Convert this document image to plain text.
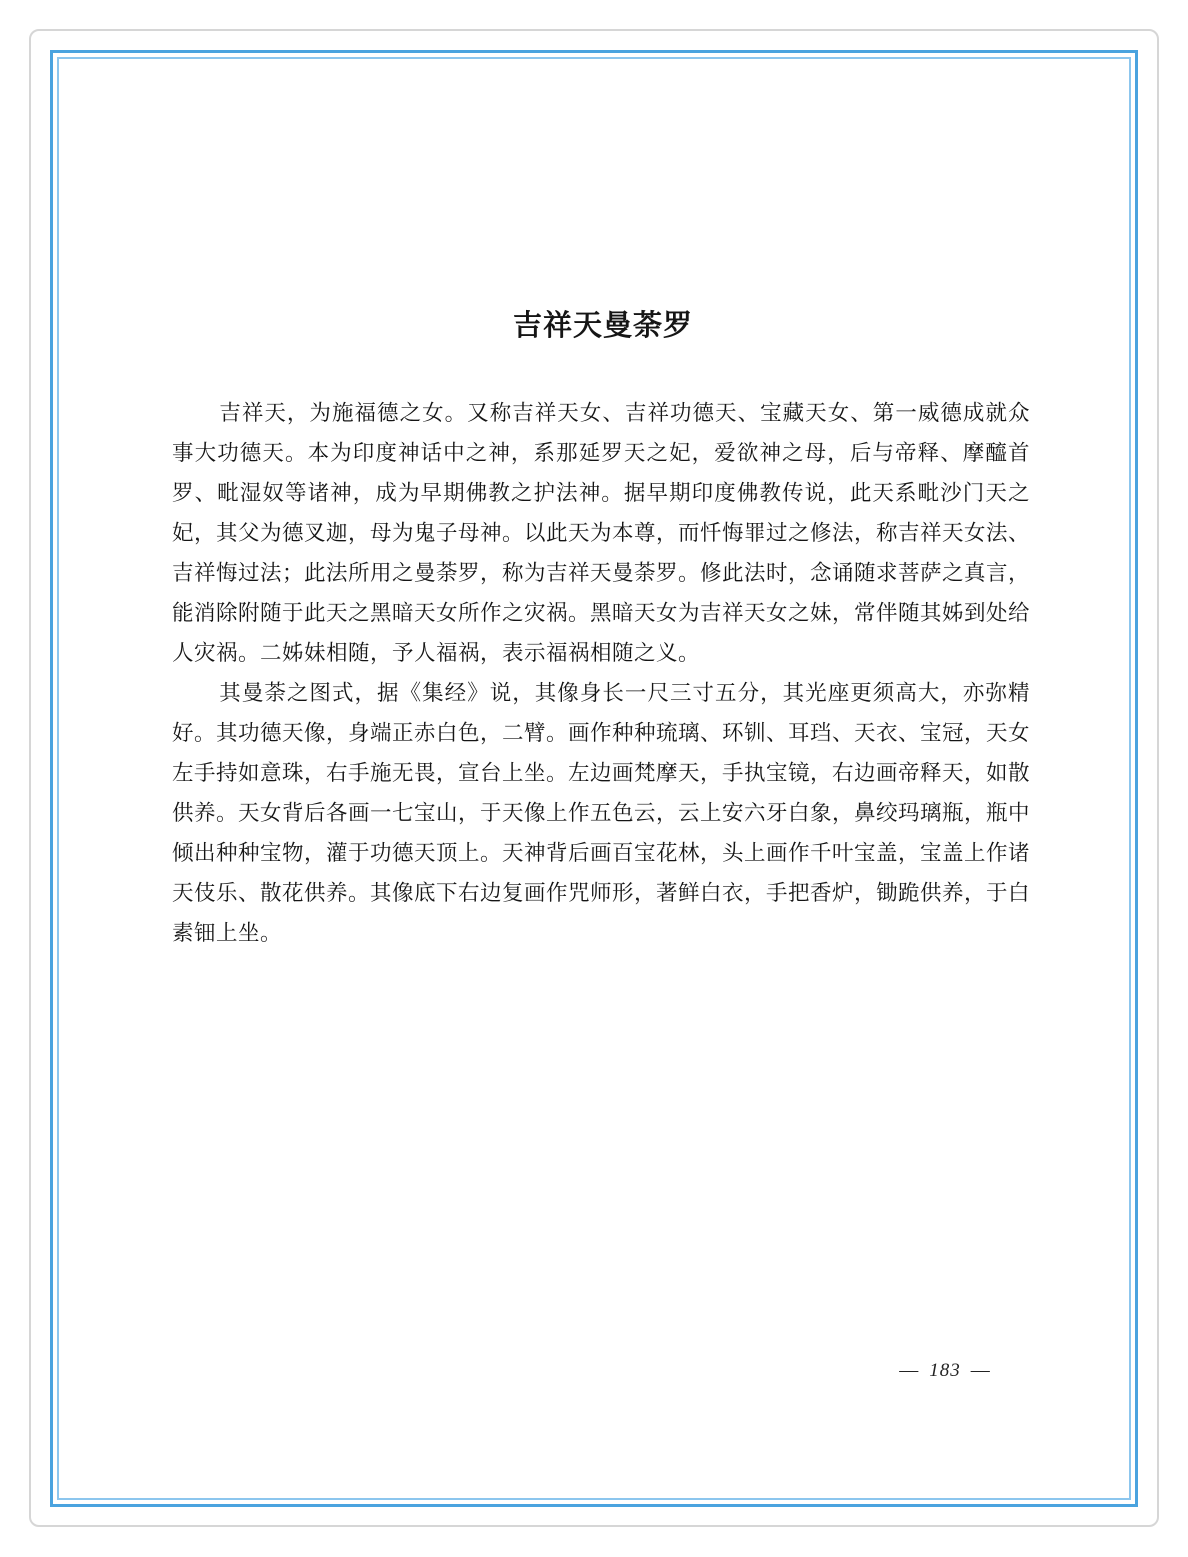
吉祥天曼荼罗

吉祥天，为施福德之女。又称吉祥天女、吉祥功德天、宝藏天女、第一威德成就众事大功德天。本为印度神话中之神，系那延罗天之妃，爱欲神之母，后与帝释、摩醯首罗、毗湿奴等诸神，成为早期佛教之护法神。据早期印度佛教传说，此天系毗沙门天之妃，其父为德叉迦，母为鬼子母神。以此天为本尊，而忏悔罪过之修法，称吉祥天女法、吉祥悔过法；此法所用之曼荼罗，称为吉祥天曼荼罗。修此法时，念诵随求菩萨之真言，能消除附随于此天之黑暗天女所作之灾祸。黑暗天女为吉祥天女之妹，常伴随其姊到处给人灾祸。二姊妹相随，予人福祸，表示福祸相随之义。

其曼荼之图式，据《集经》说，其像身长一尺三寸五分，其光座更须高大，亦弥精好。其功德天像，身端正赤白色，二臂。画作种种琉璃、环钏、耳珰、天衣、宝冠，天女左手持如意珠，右手施无畏，宣台上坐。左边画梵摩天，手执宝镜，右边画帝释天，如散供养。天女背后各画一七宝山，于天像上作五色云，云上安六牙白象，鼻绞玛璃瓶，瓶中倾出种种宝物，灌于功德天顶上。天神背后画百宝花林，头上画作千叶宝盖，宝盖上作诸天伎乐、散花供养。其像底下右边复画作咒师形，著鲜白衣，手把香炉，锄跪供养，于白素钿上坐。

— 183 —
